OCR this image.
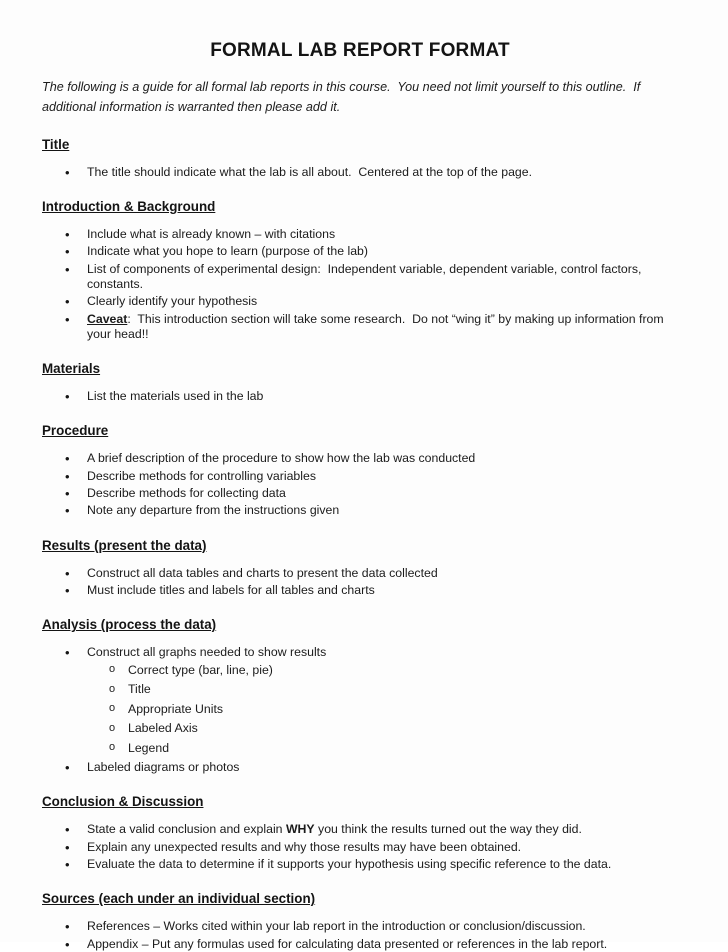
FORMAL LAB REPORT FORMAT

The following is a guide for all formal lab reports in this course.  You need not limit yourself to this outline.  If additional information is warranted then please add it.

Title
• The title should indicate what the lab is all about.  Centered at the top of the page.
Introduction & Background
• Include what is already known – with citations
• Indicate what you hope to learn (purpose of the lab)
• List of components of experimental design:  Independent variable, dependent variable, control factors, constants.
• Clearly identify your hypothesis
• Caveat:  This introduction section will take some research.  Do not “wing it” by making up information from your head!!
Materials
• List the materials used in the lab
Procedure
• A brief description of the procedure to show how the lab was conducted
• Describe methods for controlling variables
• Describe methods for collecting data
• Note any departure from the instructions given
Results (present the data)
• Construct all data tables and charts to present the data collected
• Must include titles and labels for all tables and charts
Analysis (process the data)
• Construct all graphs needed to show results
o Correct type (bar, line, pie)
o Title
o Appropriate Units
o Labeled Axis
o Legend
• Labeled diagrams or photos
Conclusion & Discussion
• State a valid conclusion and explain WHY you think the results turned out the way they did.
• Explain any unexpected results and why those results may have been obtained.
• Evaluate the data to determine if it supports your hypothesis using specific reference to the data.
Sources (each under an individual section)
• References – Works cited within your lab report in the introduction or conclusion/discussion.
• Appendix – Put any formulas used for calculating data presented or references in the lab report.
